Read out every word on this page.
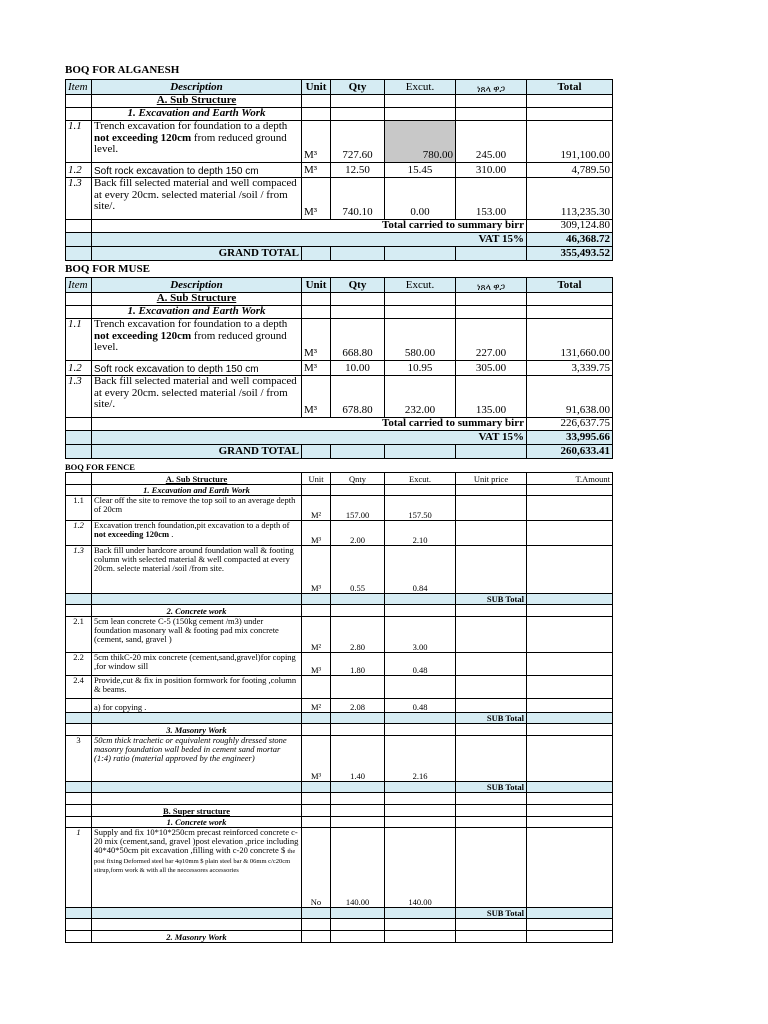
BOQ FOR ALGANESH
Item	Description	Unit	Qty	Excut.	ነጸላ ዋጋ	Total
	A. Sub Structure					
	1. Excavation and Earth Work					
1.1	Trench excavation for foundation to a depth not exceeding 120cm from reduced ground level.	M³	727.60	780.00	245.00	191,100.00
1.2	Soft rock excavation to depth 150 cm	M³	12.50	15.45	310.00	4,789.50
1.3	Back fill selected material and well compaced at every 20cm. selected material /soil / from site/.	M³	740.10	0.00	153.00	113,235.30
	Total carried to summary birr					309,124.80
	VAT 15%					46,368.72
	GRAND TOTAL					355,493.52
BOQ FOR MUSE
Item	Description	Unit	Qty	Excut.	ነጸላ ዋጋ	Total
	A. Sub Structure					
	1. Excavation and Earth Work					
1.1	Trench excavation for foundation to a depth not exceeding 120cm from reduced ground level.	M³	668.80	580.00	227.00	131,660.00
1.2	Soft rock excavation to depth 150 cm	M³	10.00	10.95	305.00	3,339.75
1.3	Back fill selected material and well compaced at every 20cm. selected material /soil / from site/.	M³	678.80	232.00	135.00	91,638.00
	Total carried to summary birr					226,637.75
	VAT 15%					33,995.66
	GRAND TOTAL					260,633.41
BOQ FOR FENCE
	A. Sub Structure	Unit	Qnty	Excut.	Unit price	T.Amount
	1. Excavation and Earth Work					
1.1	Clear off the site to remove the top soil to an average depth of 20cm	M²	157.00	157.50		
1.2	Excavation trench foundation,pit excavation to a depth of not exceeding 120cm .	M³	2.00	2.10		
1.3	Back fill under hardcore around foundation wall & footing column with selected material & well compacted at every 20cm. selecte material /soil /from site.	M³	0.55	0.84		
					SUB Total	
	2. Concrete work					
2.1	5cm lean concrete C-5 (150kg cement /m3) under foundation masonary wall & footing pad mix concrete (cement, sand, gravel )	M²	2.80	3.00		
2.2	5cm thikC-20 mix concrete (cement,sand,gravel)for coping ,for window sill	M³	1.80	0.48		
2.4	Provide,cut & fix in position formwork for footing ,column & beams.					
	a) for copying .	M²	2.08	0.48		
					SUB Total	
	3. Masonry Work					
3	50cm thick trachetic or equivalent roughly dressed stone masonry foundation wall beded in cement sand mortar (1:4) ratio (material approved by the engineer)	M³	1.40	2.16		
					SUB Total	

	B. Super structure					
	1. Concrete work					
1	Supply and fix 10*10*250cm precast reinforced concrete c-20 mix (cement,sand, gravel )post elevation ,price including 40*40*50cm pit excavation ,filling with c-20 concrete $ the post fixing Deformed steel bar 4φ10mm $ plain steel bar & 06mm c/c20cm stirup,form work & with all the neccessores accessories	No	140.00	140.00		
					SUB Total	

	2. Masonry Work					
